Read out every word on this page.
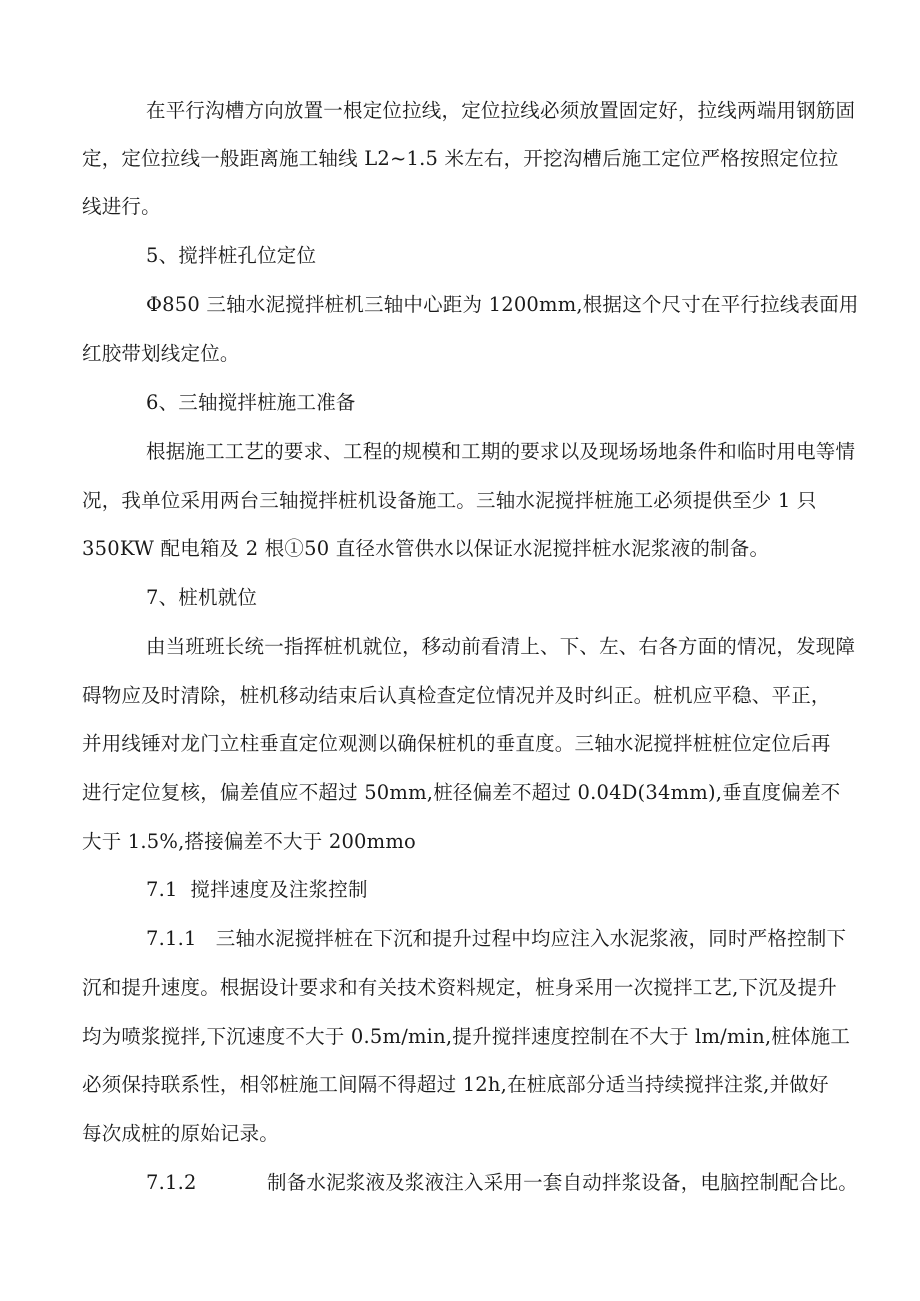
在平行沟槽方向放置一根定位拉线，定位拉线必须放置固定好，拉线两端用钢筋固
定，定位拉线一般距离施工轴线 L2~1.5 米左右，开挖沟槽后施工定位严格按照定位拉
线进行。
5、搅拌桩孔位定位
Φ850 三轴水泥搅拌桩机三轴中心距为 1200mm,根据这个尺寸在平行拉线表面用
红胶带划线定位。
6、三轴搅拌桩施工准备
根据施工工艺的要求、工程的规模和工期的要求以及现场场地条件和临时用电等情
况，我单位采用两台三轴搅拌桩机设备施工。三轴水泥搅拌桩施工必须提供至少 1 只
350KW 配电箱及 2 根①50 直径水管供水以保证水泥搅拌桩水泥浆液的制备。
7、桩机就位
由当班班长统一指挥桩机就位，移动前看清上、下、左、右各方面的情况，发现障
碍物应及时清除，桩机移动结束后认真检查定位情况并及时纠正。桩机应平稳、平正，
并用线锤对龙门立柱垂直定位观测以确保桩机的垂直度。三轴水泥搅拌桩桩位定位后再
进行定位复核，偏差值应不超过 50mm,桩径偏差不超过 0.04D(34mm),垂直度偏差不
大于 1.5%,搭接偏差不大于 200mmo
7.1  搅拌速度及注浆控制
7.1.1   三轴水泥搅拌桩在下沉和提升过程中均应注入水泥浆液，同时严格控制下
沉和提升速度。根据设计要求和有关技术资料规定，桩身采用一次搅拌工艺,下沉及提升
均为喷浆搅拌,下沉速度不大于 0.5m∕min,提升搅拌速度控制在不大于 lm/min,桩体施工
必须保持联系性，相邻桩施工间隔不得超过 12h,在桩底部分适当持续搅拌注浆,并做好
每次成桩的原始记录。
7.1.2           制备水泥浆液及浆液注入采用一套自动拌浆设备，电脑控制配合比。
